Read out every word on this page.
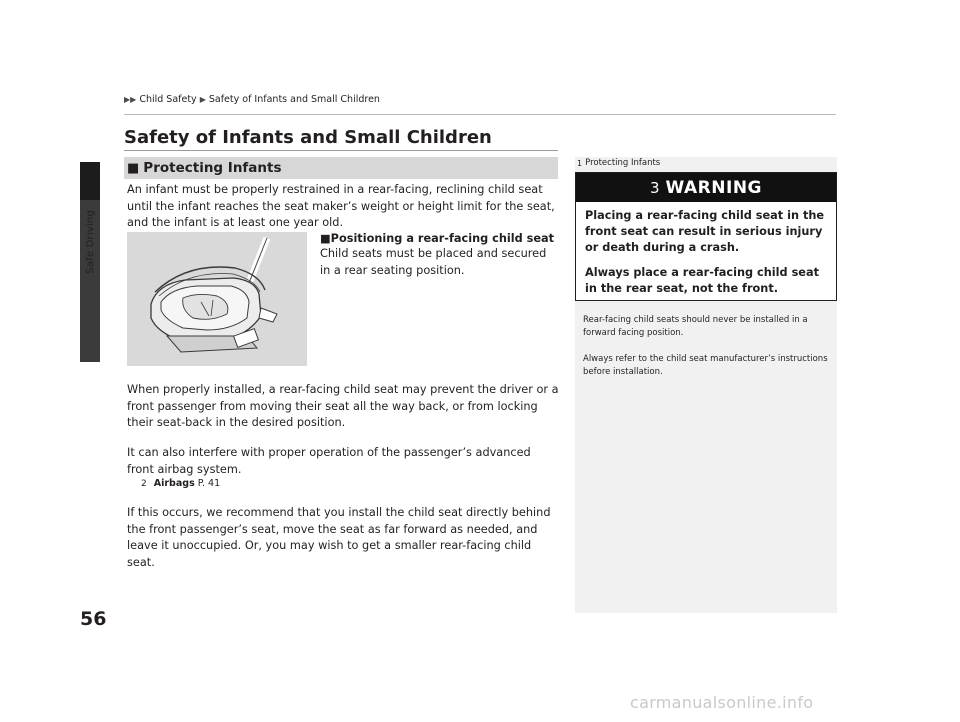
Safe Driving
▶▶ Child Safety ▶ Safety of Infants and Small Children
Safety of Infants and Small Children
■ Protecting Infants
An infant must be properly restrained in a rear-facing, reclining child seat until the infant reaches the seat maker’s weight or height limit for the seat, and the infant is at least one year old.
■Positioning a rear-facing child seat
Child seats must be placed and secured in a rear seating position.
When properly installed, a rear-facing child seat may prevent the driver or a front passenger from moving their seat all the way back, or from locking their seat-back in the desired position.
It can also interfere with proper operation of the passenger’s advanced front airbag system.
2 Airbags P. 41
If this occurs, we recommend that you install the child seat directly behind the front passenger’s seat, move the seat as far forward as needed, and leave it unoccupied. Or, you may wish to get a smaller rear-facing child seat.
1 Protecting Infants
3 WARNING

Placing a rear-facing child seat in the front seat can result in serious injury or death during a crash.

Always place a rear-facing child seat in the rear seat, not the front.

Rear-facing child seats should never be installed in a forward facing position.
Always refer to the child seat manufacturer’s instructions before installation.
56
carmanualsonline.info
